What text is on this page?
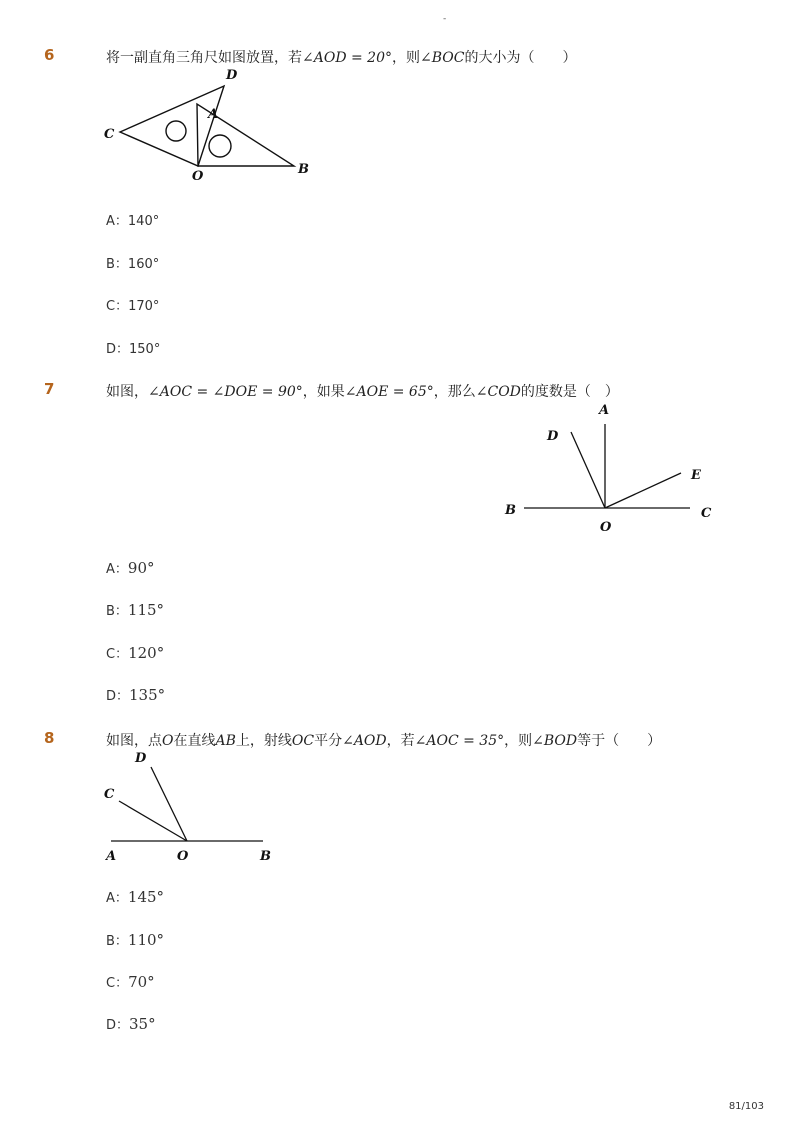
-
6	将一副直角三角尺如图放置，若∠AOD = 20°，则∠BOC的大小为（　　）
D
A
C
O	B
A：140°
B：160°
C：170°
D：150°
7	如图，∠AOC = ∠DOE = 90°，如果∠AOE = 65°，那么∠COD的度数是（　）
A
D
E
B
O
C
A：90°
B：115°
C：120°
D：135°
8	如图，点O在直线AB上，射线OC平分∠AOD，若∠AOC = 35°，则∠BOD等于（　　）
D
C
A	O	B
A：145°
B：110°
C：70°
D：35°
81/103
